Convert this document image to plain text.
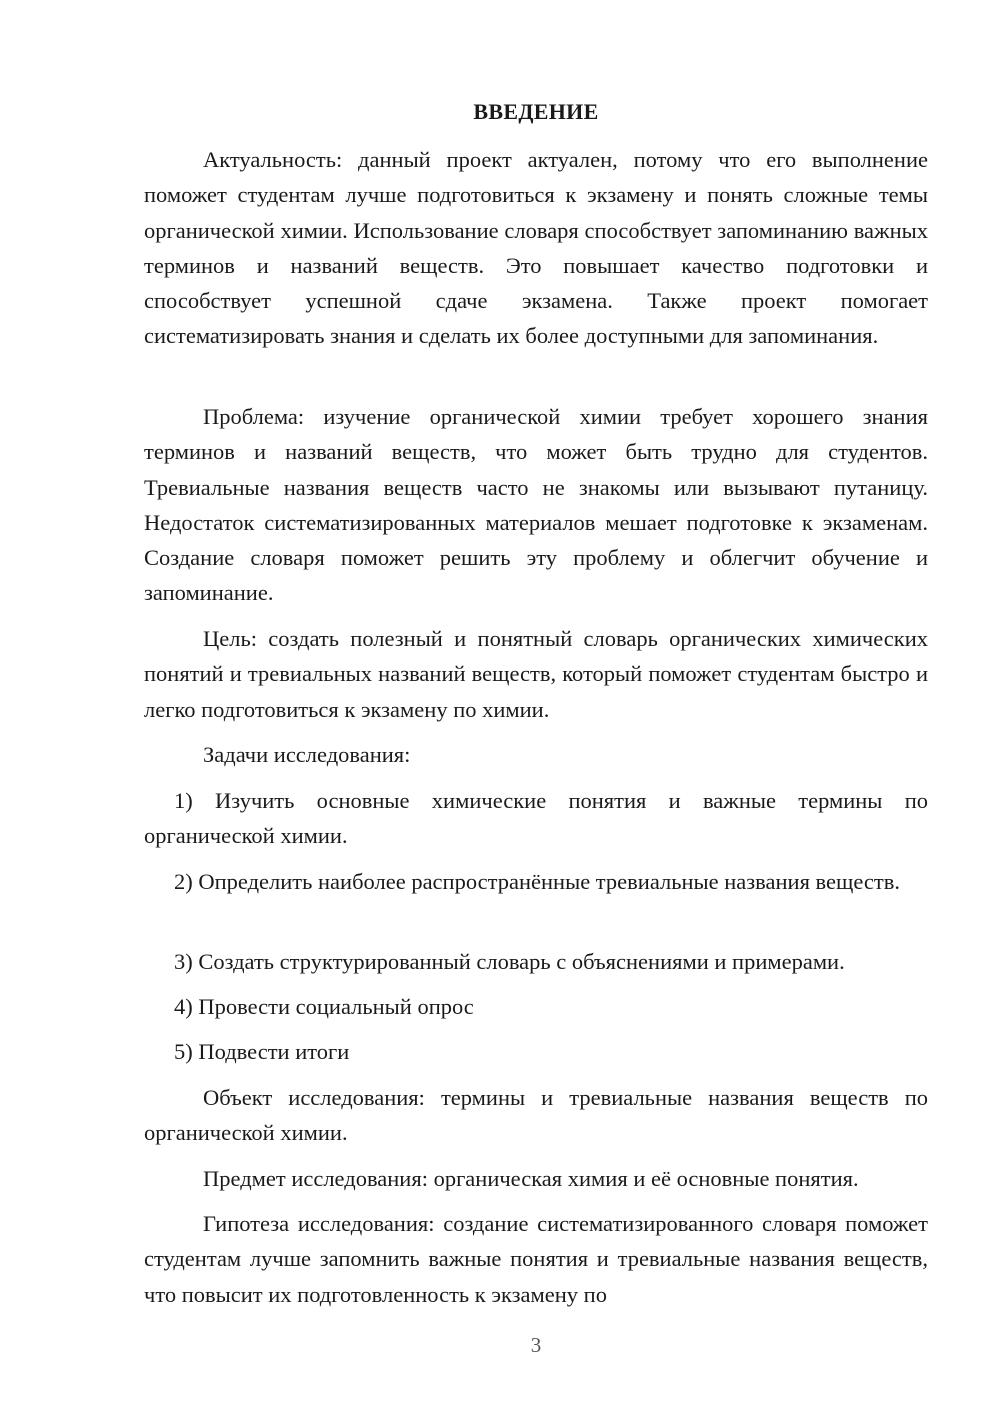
ВВЕДЕНИЕ

Актуальность: данный проект актуален, потому что его выполнение поможет студентам лучше подготовиться к экзамену и понять сложные темы органической химии. Использование словаря способствует запоминанию важных терминов и названий веществ. Это повышает качество подготовки и способствует успешной сдаче экзамена. Также проект помогает систематизировать знания и сделать их более доступными для запоминания.

Проблема: изучение органической химии требует хорошего знания терминов и названий веществ, что может быть трудно для студентов. Тревиальные названия веществ часто не знакомы или вызывают путаницу. Недостаток систематизированных материалов мешает подготовке к экзаменам. Создание словаря поможет решить эту проблему и облегчит обучение и запоминание.

Цель: создать полезный и понятный словарь органических химических понятий и тревиальных названий веществ, который поможет студентам быстро и легко подготовиться к экзамену по химии.

Задачи исследования:

1) Изучить основные химические понятия и важные термины по органической химии.

2) Определить наиболее распространённые тревиальные названия веществ.

3) Создать структурированный словарь с объяснениями и примерами.

4) Провести социальный опрос

5) Подвести итоги

Объект исследования: термины и тревиальные названия веществ по органической химии.

Предмет исследования: органическая химия и её основные понятия.

Гипотеза исследования: создание систематизированного словаря поможет студентам лучше запомнить важные понятия и тревиальные названия веществ, что повысит их подготовленность к экзамену по

3
